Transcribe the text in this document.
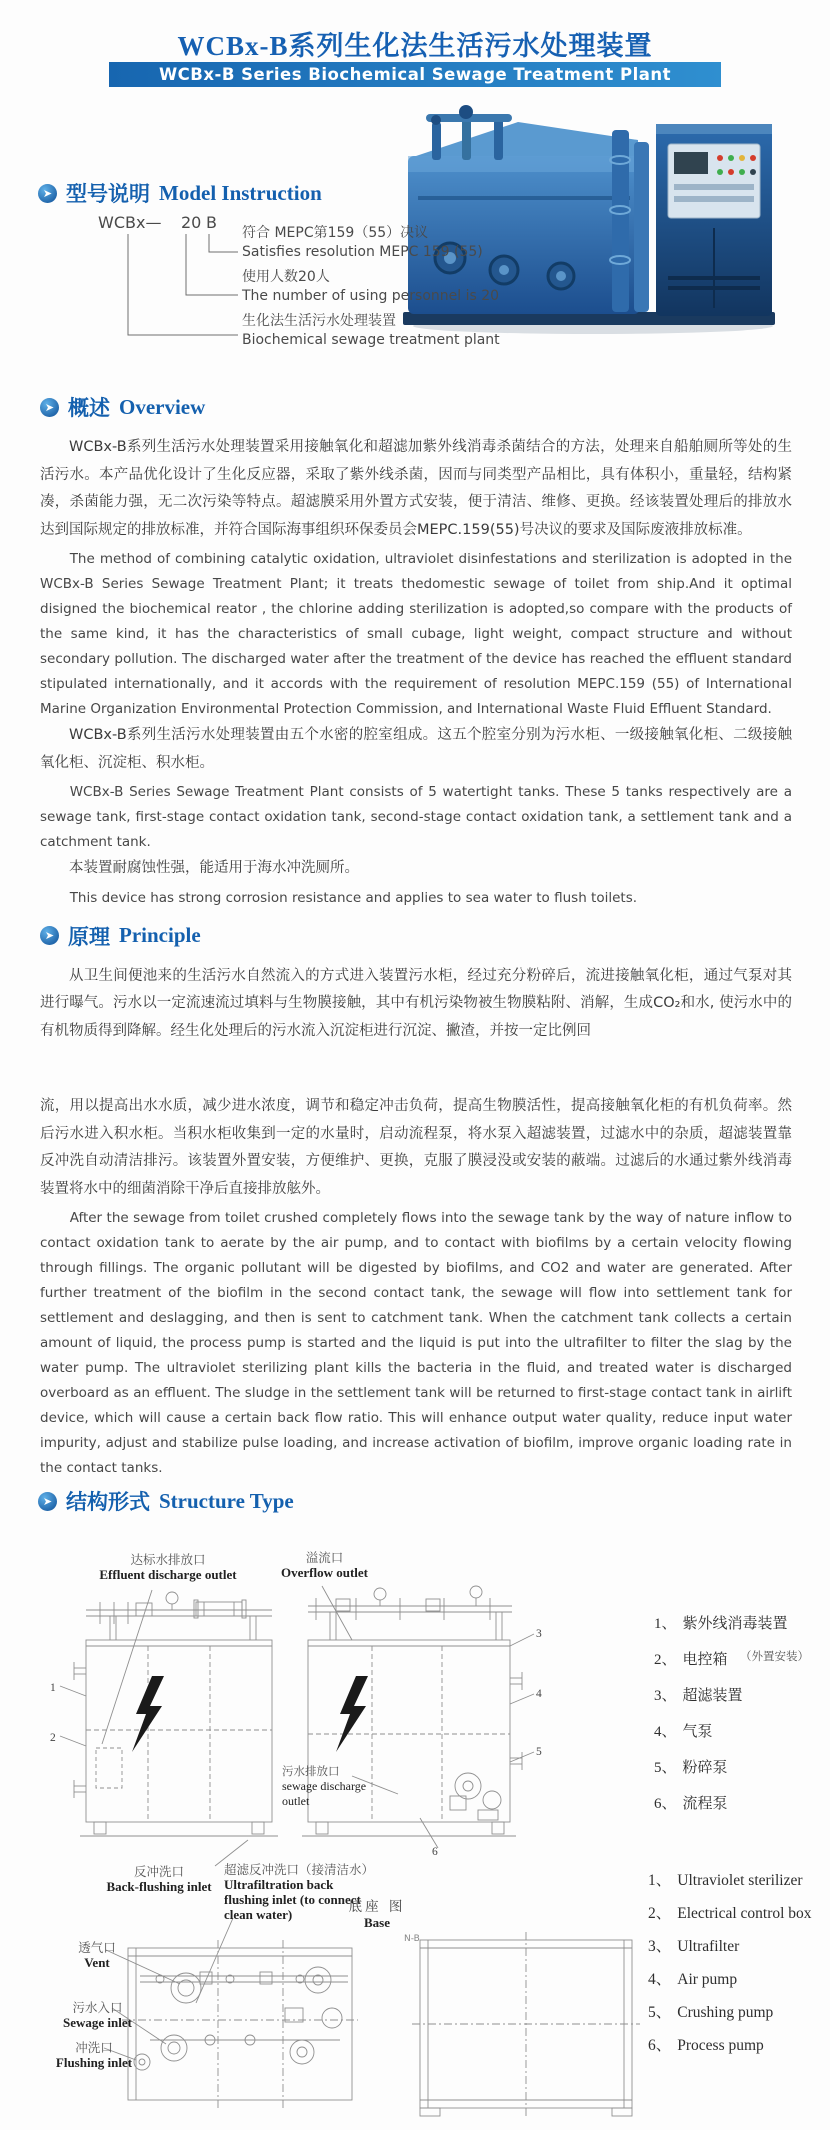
WCBx-B系列生化法生活污水处理装置
WCBx-B Series Biochemical Sewage Treatment Plant
➤ 型号说明 Model Instruction
WCBx— 20 B
符合 MEPC第159（55）决议
Satisfies resolution MEPC 159 (55)
使用人数20人
The number of using personnel is 20
生化法生活污水处理装置
Biochemical sewage treatment plant
➤ 概述 Overview

WCBx-B系列生活污水处理装置采用接触氧化和超滤加紫外线消毒杀菌结合的方法，处理来自船舶厕所等处的生活污水。本产品优化设计了生化反应器，采取了紫外线杀菌，因而与同类型产品相比，具有体积小，重量轻，结构紧凑，杀菌能力强，无二次污染等特点。超滤膜采用外置方式安装，便于清洁、维修、更换。经该装置处理后的排放水达到国际规定的排放标准，并符合国际海事组织环保委员会MEPC.159(55)号决议的要求及国际废液排放标准。

The method of combining catalytic oxidation, ultraviolet disinfestations and sterilization is adopted in the WCBx-B Series Sewage Treatment Plant; it treats thedomestic sewage of toilet from ship.And it optimal disigned the biochemical reator , the chlorine adding sterilization is adopted,so compare with the products of the same kind, it has the characteristics of small cubage, light weight, compact structure and without secondary pollution. The discharged water after the treatment of the device has reached the effluent standard stipulated internationally, and it accords with the requirement of resolution MEPC.159 (55) of International Marine Organization Environmental Protection Commission, and International Waste Fluid Effluent Standard.

WCBx-B系列生活污水处理装置由五个水密的腔室组成。这五个腔室分别为污水柜、一级接触氧化柜、二级接触氧化柜、沉淀柜、积水柜。

WCBx-B Series Sewage Treatment Plant consists of 5 watertight tanks. These 5 tanks respectively are a sewage tank, first-stage contact oxidation tank, second-stage contact oxidation tank, a settlement tank and a catchment tank.

本装置耐腐蚀性强，能适用于海水冲洗厕所。

This device has strong corrosion resistance and applies to sea water to flush toilets.

➤ 原理 Principle

从卫生间便池来的生活污水自然流入的方式进入装置污水柜，经过充分粉碎后，流进接触氧化柜，通过气泵对其进行曝气。污水以一定流速流过填料与生物膜接触，其中有机污染物被生物膜粘附、消解，生成CO₂和水, 使污水中的有机物质得到降解。经生化处理后的污水流入沉淀柜进行沉淀、撇渣，并按一定比例回

流，用以提高出水水质，减少进水浓度，调节和稳定冲击负荷，提高生物膜活性，提高接触氧化柜的有机负荷率。然后污水进入积水柜。当积水柜收集到一定的水量时，启动流程泵，将水泵入超滤装置，过滤水中的杂质，超滤装置靠反冲洗自动清洁排污。该装置外置安装，方便维护、更换，克服了膜浸没或安装的蔽端。过滤后的水通过紫外线消毒装置将水中的细菌消除干净后直接排放舷外。

After the sewage from toilet crushed completely flows into the sewage tank by the way of nature inflow to contact oxidation tank to aerate by the air pump, and to contact with biofilms by a certain velocity flowing through fillings. The organic pollutant will be digested by biofilms, and CO2 and water are generated. After further treatment of the biofilm in the second contact tank, the sewage will flow into settlement tank for settlement and deslagging, and then is sent to catchment tank. When the catchment tank collects a certain amount of liquid, the process pump is started and the liquid is put into the ultrafilter to filter the slag by the water pump. The ultraviolet sterilizing plant kills the bacteria in the fluid, and treated water is discharged overboard as an effluent. The sludge in the settlement tank will be returned to first-stage contact tank in airlift device, which will cause a certain back flow ratio. This will enhance output water quality, reduce input water impurity, adjust and stabilize pulse loading, and increase activation of biofilm, improve organic loading rate in the contact tanks.

➤ 结构形式 Structure Type
达标水排放口
Effluent discharge outlet
溢流口
Overflow outlet
污水排放口
sewage discharge outlet
反冲洗口
Back-flushing inlet
超滤反冲洗口（接清洁水）
Ultrafiltration back flushing inlet (to connect clean water)	底座 图
Base
透气口
Vent
污水入口
Sewage inlet
冲洗口
Flushing inlet
1
2
3
4
5
6
N-B
1、 紫外线消毒装置
2、 电控箱
3、 超滤装置
4、 气泵
5、 粉碎泵
6、 流程泵
（外置安装）
1、 Ultraviolet sterilizer
2、 Electrical control box
3、 Ultrafilter
4、 Air pump
5、 Crushing pump
6、 Process pump
